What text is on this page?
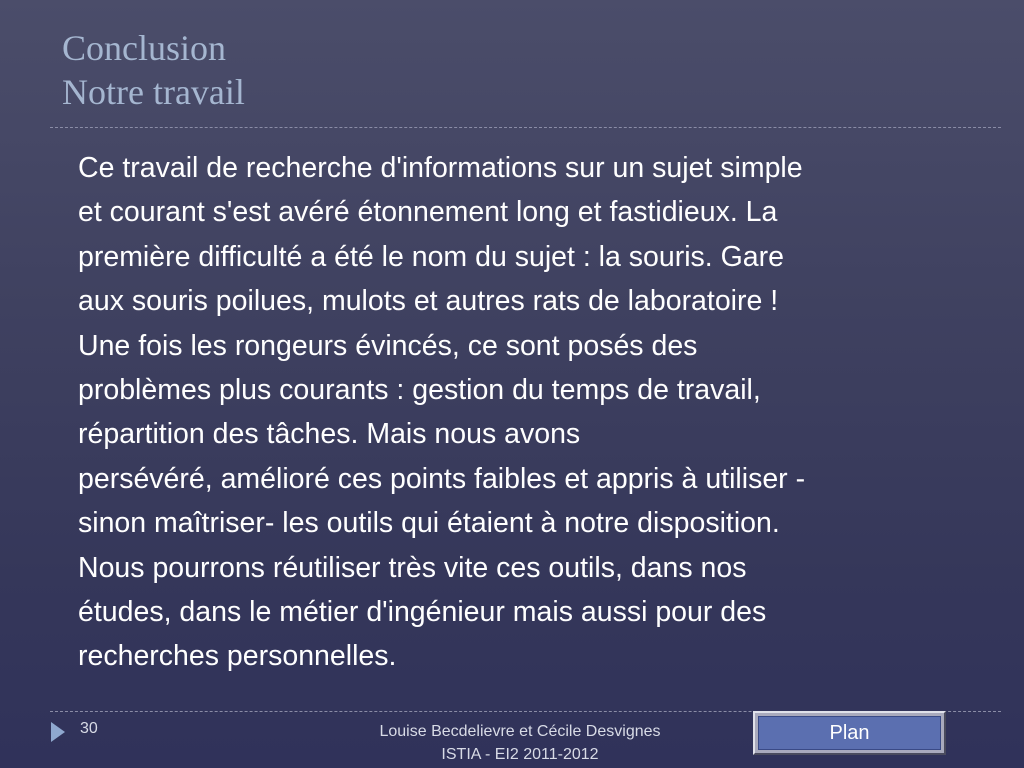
Conclusion
Notre travail
Ce travail de recherche d'informations sur un sujet simple
et courant s'est avéré étonnement long et fastidieux. La
première difficulté a été le nom du sujet : la souris. Gare
aux souris poilues, mulots et autres rats de laboratoire !
Une fois les rongeurs évincés, ce sont posés des
problèmes plus courants : gestion du temps de travail,
répartition des tâches. Mais nous avons
persévéré, amélioré ces points faibles et appris à utiliser -
sinon maîtriser- les outils qui étaient à notre disposition.
Nous pourrons réutiliser très vite ces outils, dans nos
études, dans le métier d'ingénieur mais aussi pour des
recherches personnelles.
30	Louise Becdelievre et Cécile Desvignes
ISTIA - EI2 2011-2012
Plan
